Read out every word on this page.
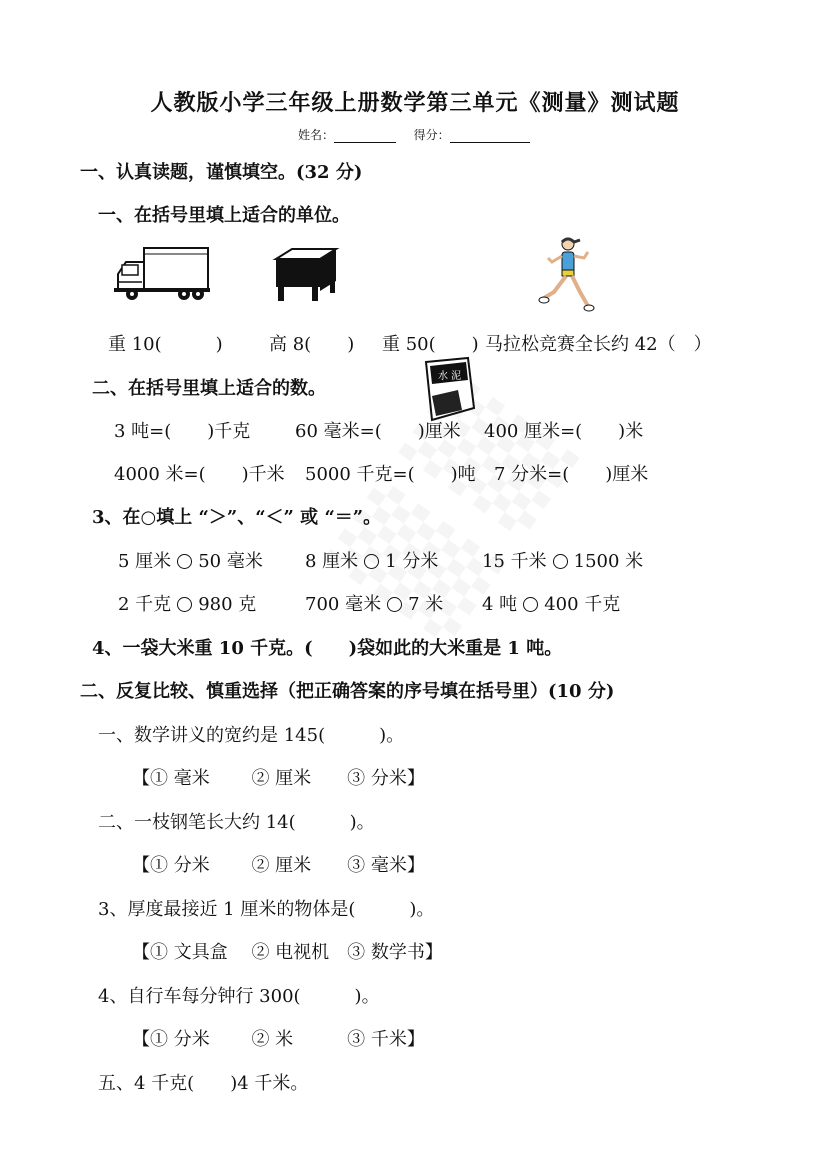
人教版小学三年级上册数学第三单元《测量》测试题
姓名：	得分：
一、认真读题，谨慎填空。(32 分)
一、在括号里填上适合的单位。
重 10(　　　)	高 8(　　) 重 50(　　) 马拉松竞赛全长约 42（　）
水 泥
二、在括号里填上适合的数。
3 吨=(　　)千克 60 毫米=(　　)厘米 400 厘米=(　　)米
4000 米=(　　)千米 5000 千克=(　　)吨 7 分米=(　　)厘米
3、在○填上 “＞”、“＜” 或 “＝”。
5 厘米 50 毫米 8 厘米 1 分米 15 千米 1500 米
2 千克 980 克	700 毫米 7 米 4 吨 400 千克
4、一袋大米重 10 千克。(　　)袋如此的大米重是 1 吨。
二、反复比较、慎重选择（把正确答案的序号填在括号里）(10 分)
一、数学讲义的宽约是 145(　　　)。
【① 毫米　　 ② 厘米　　③ 分米】
二、一枝钢笔长大约 14(　　　)。
【① 分米　　 ② 厘米　　③ 毫米】
3、厚度最接近 1 厘米的物体是(　　　)。
【① 文具盒　 ② 电视机　③ 数学书】
4、自行车每分钟行 300(　　　)。
【① 分米　　 ② 米　　　③ 千米】
五、4 千克(　　)4 千米。
